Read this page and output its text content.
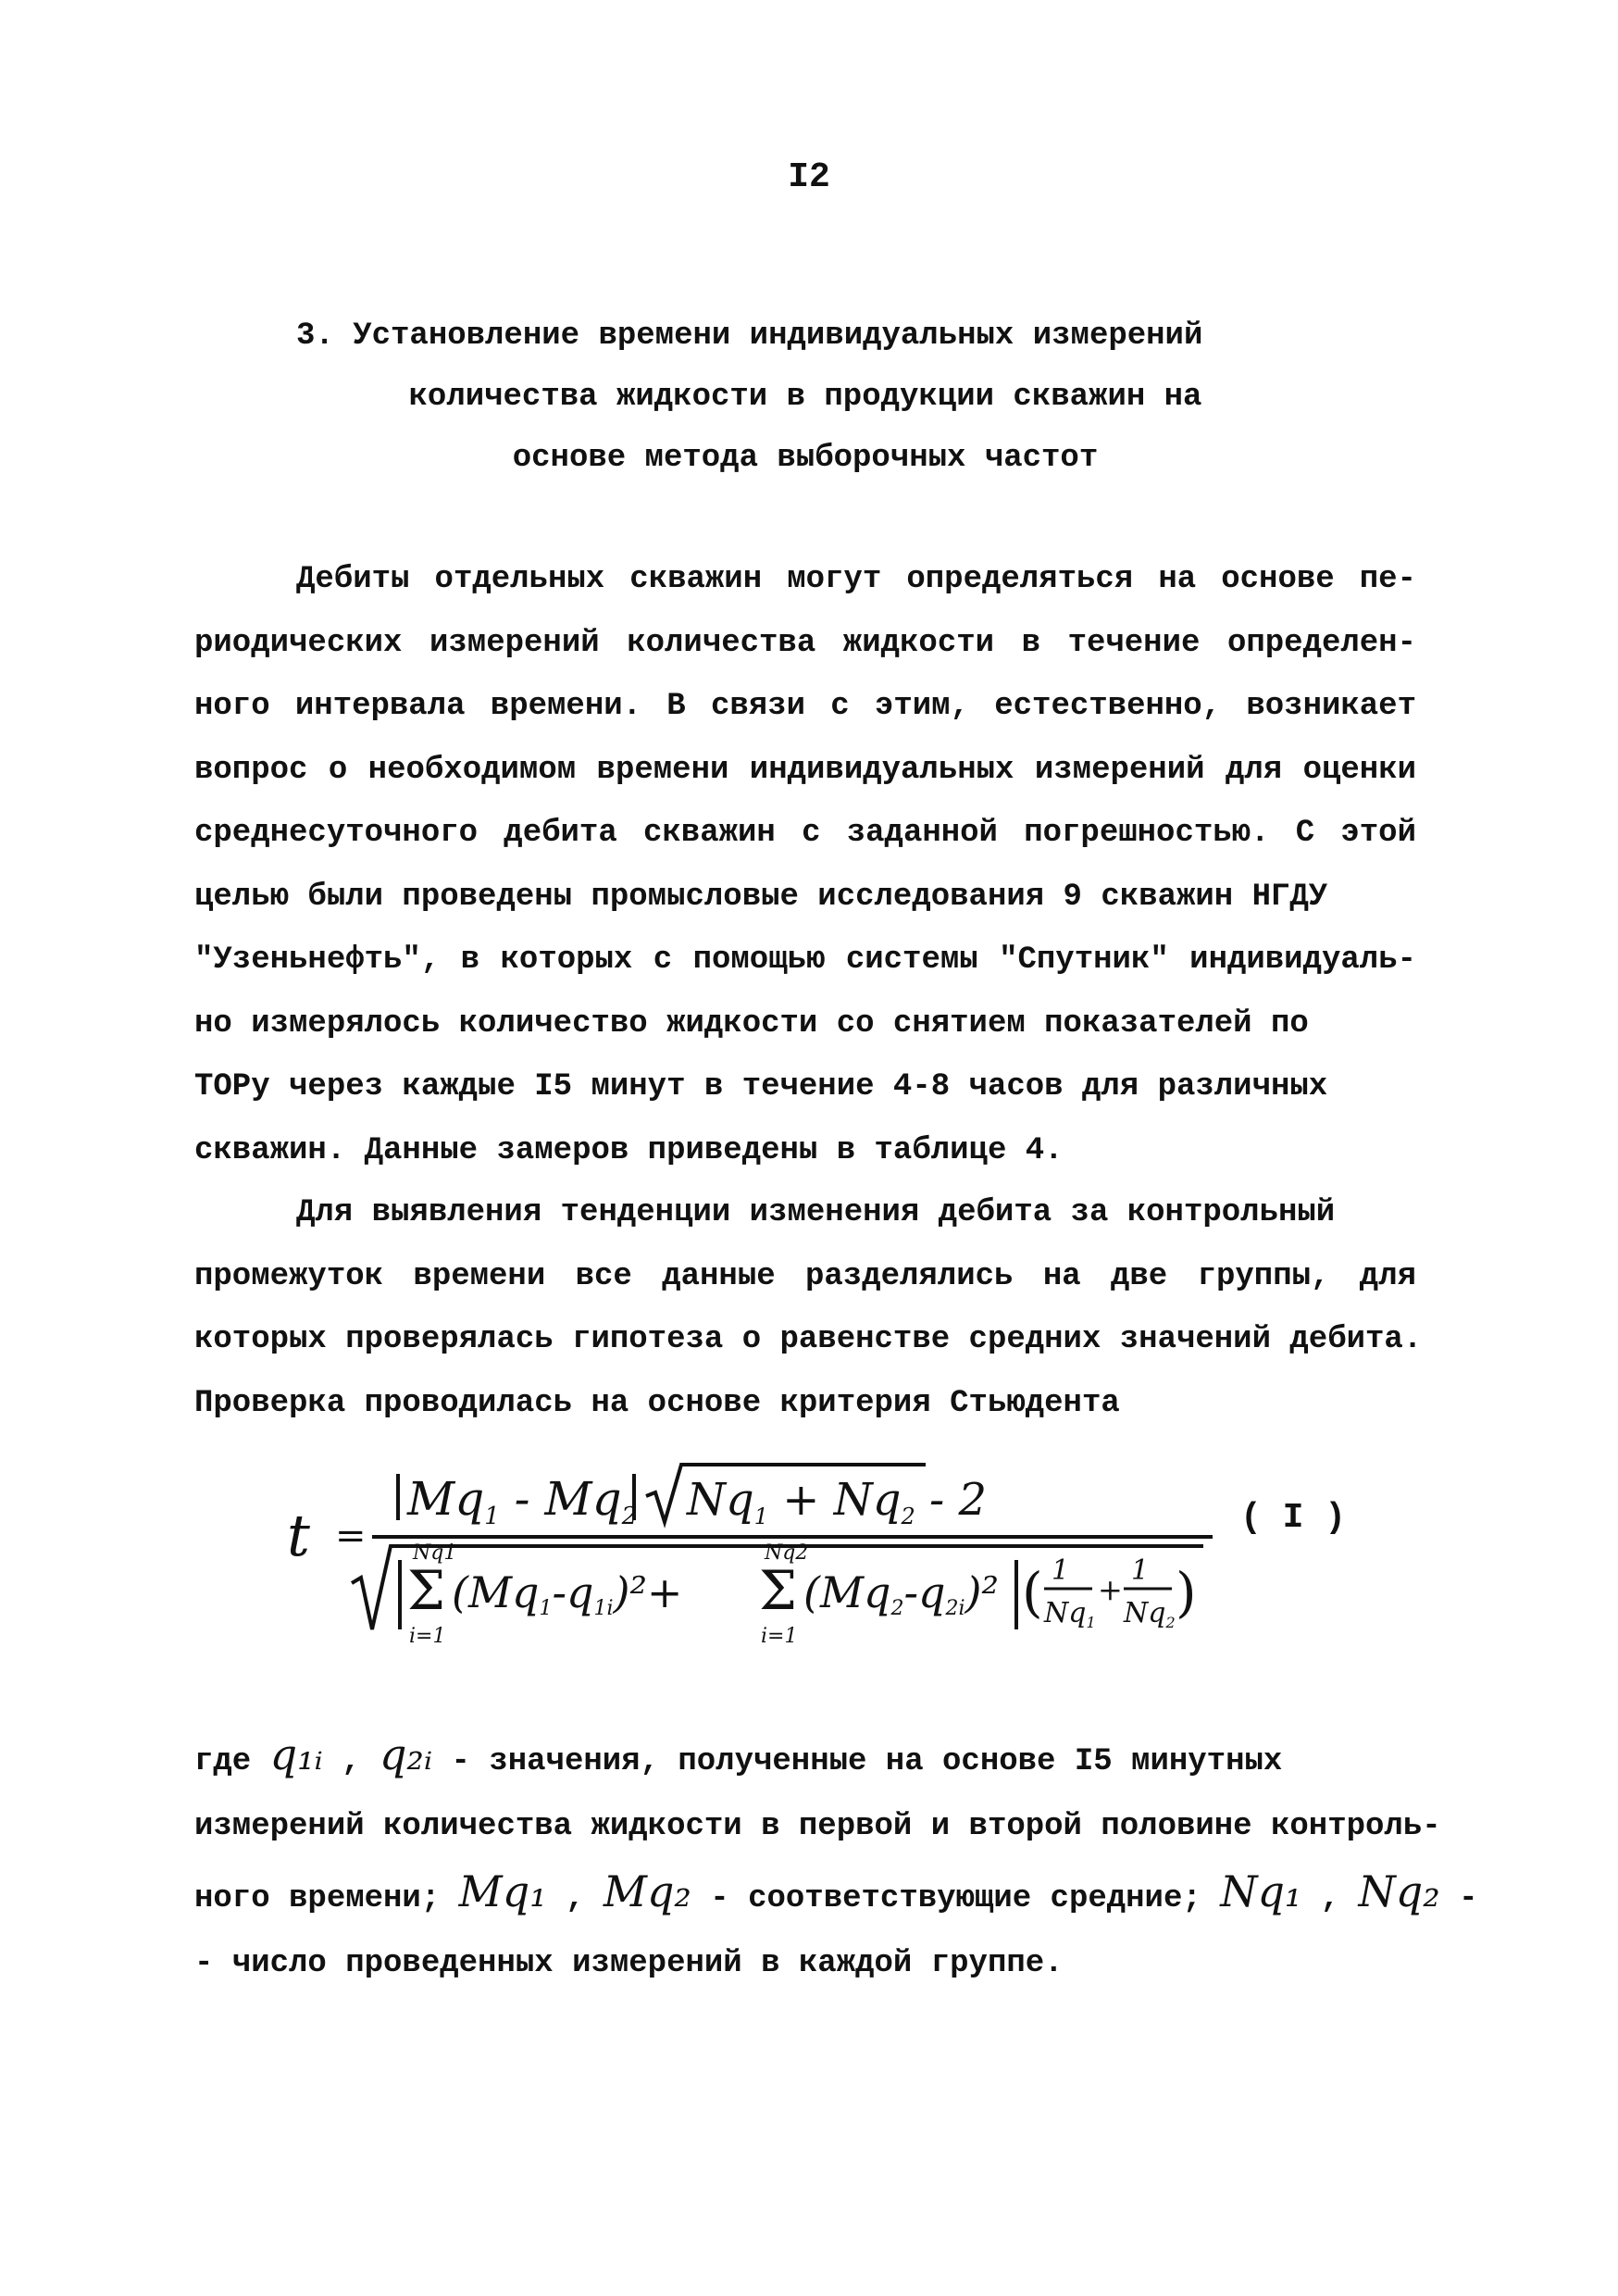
I2
3. Установление времени индивидуальных измерений
количества жидкости в продукции скважин на
основе метода выборочных частот
Дебиты отдельных скважин могут определяться на основе пе-
риодических измерений количества жидкости в течение определен-
ного интервала времени. В связи с этим, естественно, возникает
вопрос о необходимом времени индивидуальных измерений для оценки
среднесуточного дебита скважин с заданной погрешностью. С этой
целью были проведены промысловые исследования 9 скважин НГДУ
"Узеньнефть", в которых с помощью системы "Спутник" индивидуаль-
но измерялось количество жидкости со снятием показателей по
ТОРу через каждые I5 минут в течение 4-8 часов для различных
скважин. Данные замеров приведены в таблице 4.
Для выявления тенденции изменения дебита за контрольный
промежуток времени все данные разделялись на две группы, для
которых проверялась гипотеза о равенстве средних значений дебита.
Проверка проводилась на основе критерия Стьюдента
t =
$Mq_1 - Mq_2$ $Nq_1 + Nq_2 - 2$
Σ
Nq1
i=1
(Mq1-q1i)²+ Σ
Nq2
i=1
(Mq2-q2i)² ( 1
$Nq_1$
+
1
$Nq_2$ )
( I )
где q₁ᵢ , q₂ᵢ - значения, полученные на основе I5 минутных
измерений количества жидкости в первой и второй половине контроль-
ного времени; Mq₁ , Mq₂ - соответствующие средние; Nq₁ , Nq₂ -
- число проведенных измерений в каждой группе.
